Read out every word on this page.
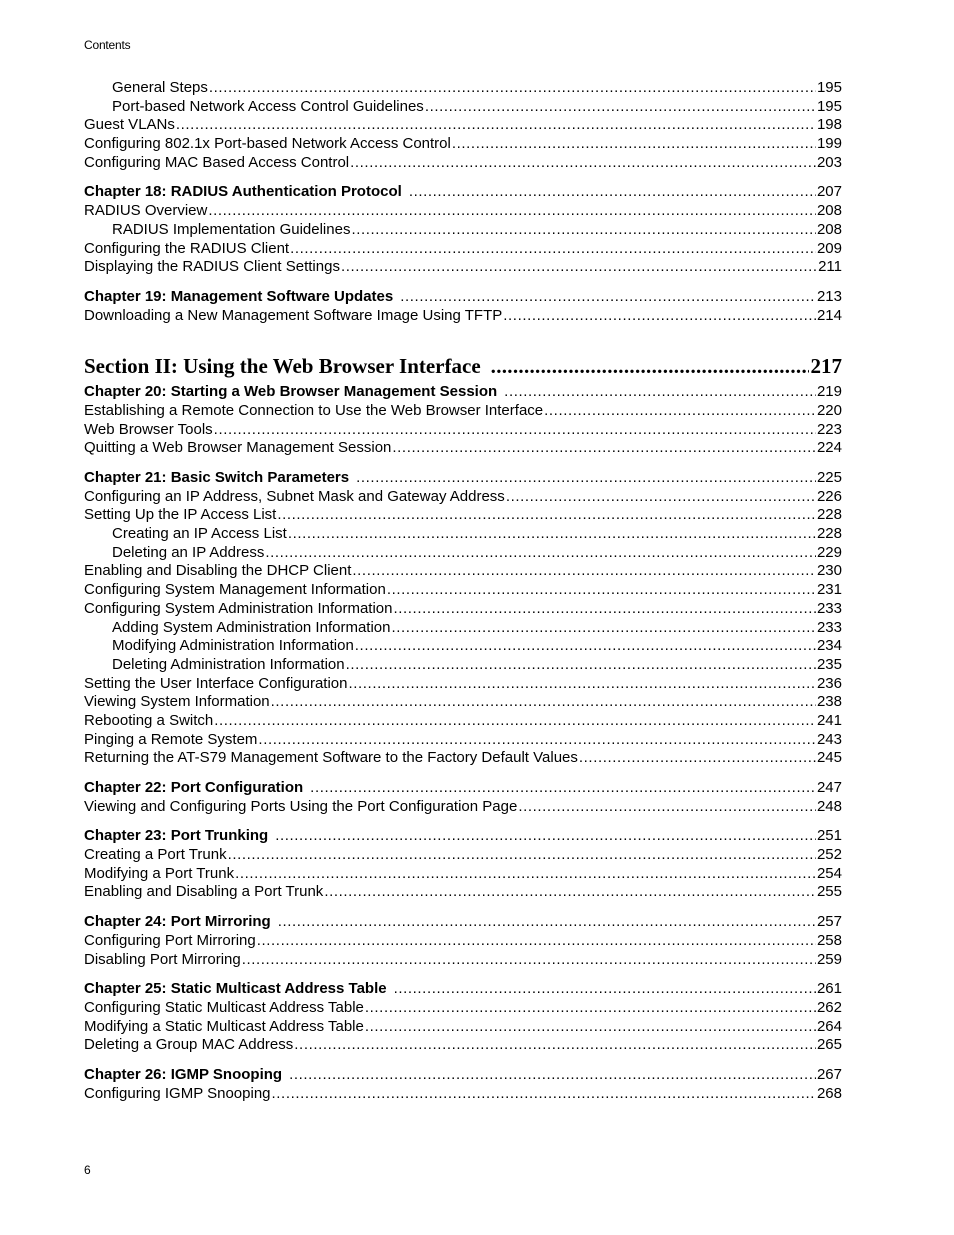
Contents
General Steps .....	195
Port-based Network Access Control Guidelines .....	195
Guest VLANs .....	198
Configuring 802.1x Port-based Network Access Control .....	199
Configuring MAC Based Access Control .....	203
Chapter 18: RADIUS Authentication Protocol .....	207
RADIUS Overview .....	208
RADIUS Implementation Guidelines .....	208
Configuring the RADIUS Client .....	209
Displaying the RADIUS Client Settings .....	211
Chapter 19: Management Software Updates .....	213
Downloading a New Management Software Image Using TFTP .....	214
Section II: Using the Web Browser Interface .....	217
Chapter 20: Starting a Web Browser Management Session .....	219
Establishing a Remote Connection to Use the Web Browser Interface .....	220
Web Browser Tools .....	223
Quitting a Web Browser Management Session .....	224
Chapter 21: Basic Switch Parameters .....	225
Configuring an IP Address, Subnet Mask and Gateway Address .....	226
Setting Up the IP Access List .....	228
Creating an IP Access List .....	228
Deleting an IP Address .....	229
Enabling and Disabling the DHCP Client .....	230
Configuring System Management Information .....	231
Configuring System Administration Information .....	233
Adding System Administration Information .....	233
Modifying Administration Information .....	234
Deleting Administration Information .....	235
Setting the User Interface Configuration .....	236
Viewing System Information .....	238
Rebooting a Switch .....	241
Pinging a Remote System .....	243
Returning the AT-S79 Management Software to the Factory Default Values .....	245
Chapter 22: Port Configuration .....	247
Viewing and Configuring Ports Using the Port Configuration Page .....	248
Chapter 23: Port Trunking .....	251
Creating a Port Trunk .....	252
Modifying a Port Trunk .....	254
Enabling and Disabling a Port Trunk .....	255
Chapter 24: Port Mirroring .....	257
Configuring Port Mirroring .....	258
Disabling Port Mirroring .....	259
Chapter 25: Static Multicast Address Table .....	261
Configuring Static Multicast Address Table .....	262
Modifying a Static Multicast Address Table .....	264
Deleting a Group MAC Address .....	265
Chapter 26: IGMP Snooping .....	267
Configuring IGMP Snooping .....	268
6
